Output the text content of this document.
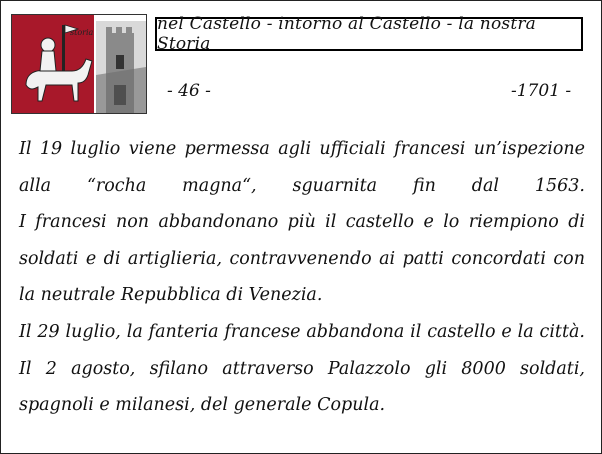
storia	nel Castello - intorno al Castello - la nostra Storia
- 46 -	-1701 -

Il 19 luglio viene permessa agli ufficiali francesi un’ispezione alla “rocha magna“, sguarnita fin dal 1563.

I francesi non abbandonano più il castello e lo riempiono di soldati e di artiglieria, contravvenendo ai patti concordati con la neutrale Repubblica di Venezia.

Il 29 luglio, la fanteria francese abbandona il castello e la città. Il 2 agosto, sfilano attraverso Palazzolo gli 8000 soldati, spagnoli e milanesi, del generale Copula.
